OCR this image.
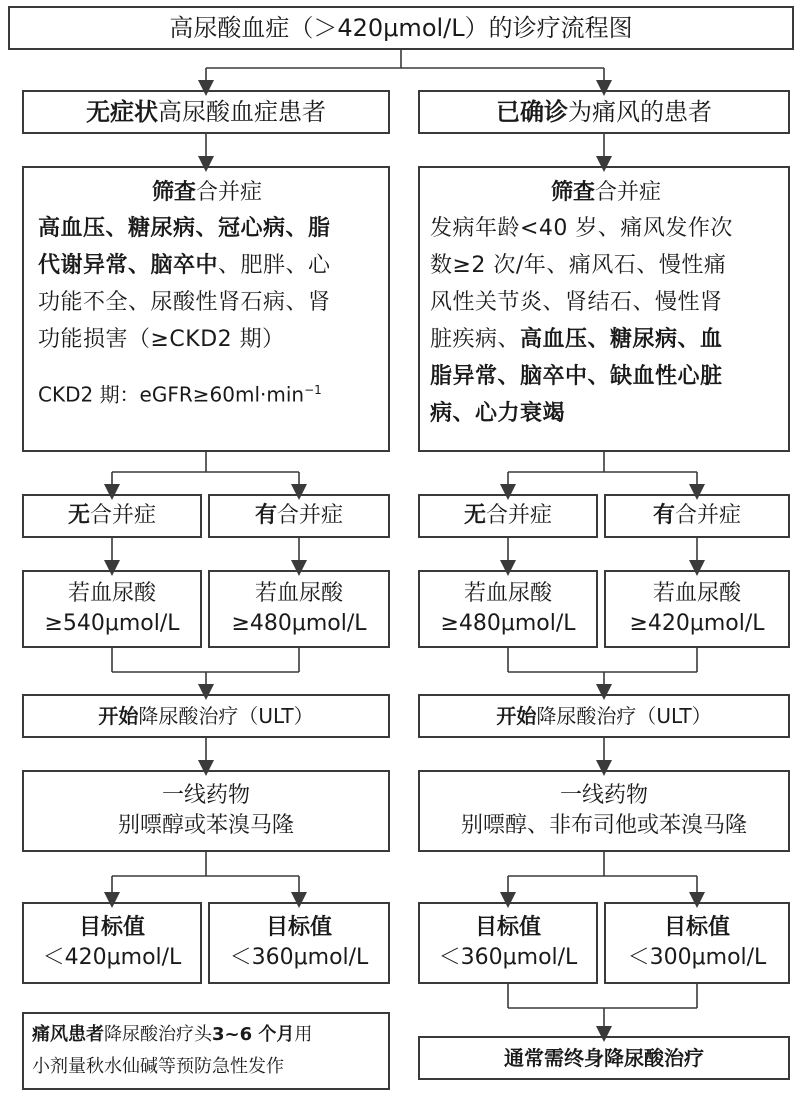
高尿酸血症（＞420μmol/L）的诊疗流程图
无症状高尿酸血症患者
筛查合并症
高血压、糖尿病、冠心病、脂
代谢异常、脑卒中、肥胖、心
功能不全、尿酸性肾石病、肾
功能损害（≥CKD2 期）
CKD2 期：$eGFR\ge 60ml\cdot\min^{-1}$
无合并症	有合并症
若血尿酸
≥540μmol/L
若血尿酸
≥480μmol/L
开始降尿酸治疗（ULT）
一线药物
别嘌醇或苯溴马隆
目标值
＜420μmol/L
目标值
＜360μmol/L
痛风患者降尿酸治疗头3~6 个月用
小剂量秋水仙碱等预防急性发作
已确诊为痛风的患者
筛查合并症
发病年龄<40 岁、痛风发作次
数≥2 次/年、痛风石、慢性痛
风性关节炎、肾结石、慢性肾
脏疾病、高血压、糖尿病、血
脂异常、脑卒中、缺血性心脏
病、心力衰竭
无合并症	有合并症
若血尿酸
≥480μmol/L
若血尿酸
≥420μmol/L
开始降尿酸治疗（ULT）
一线药物
别嘌醇、非布司他或苯溴马隆
目标值
＜360μmol/L
目标值
＜300μmol/L
通常需终身降尿酸治疗
